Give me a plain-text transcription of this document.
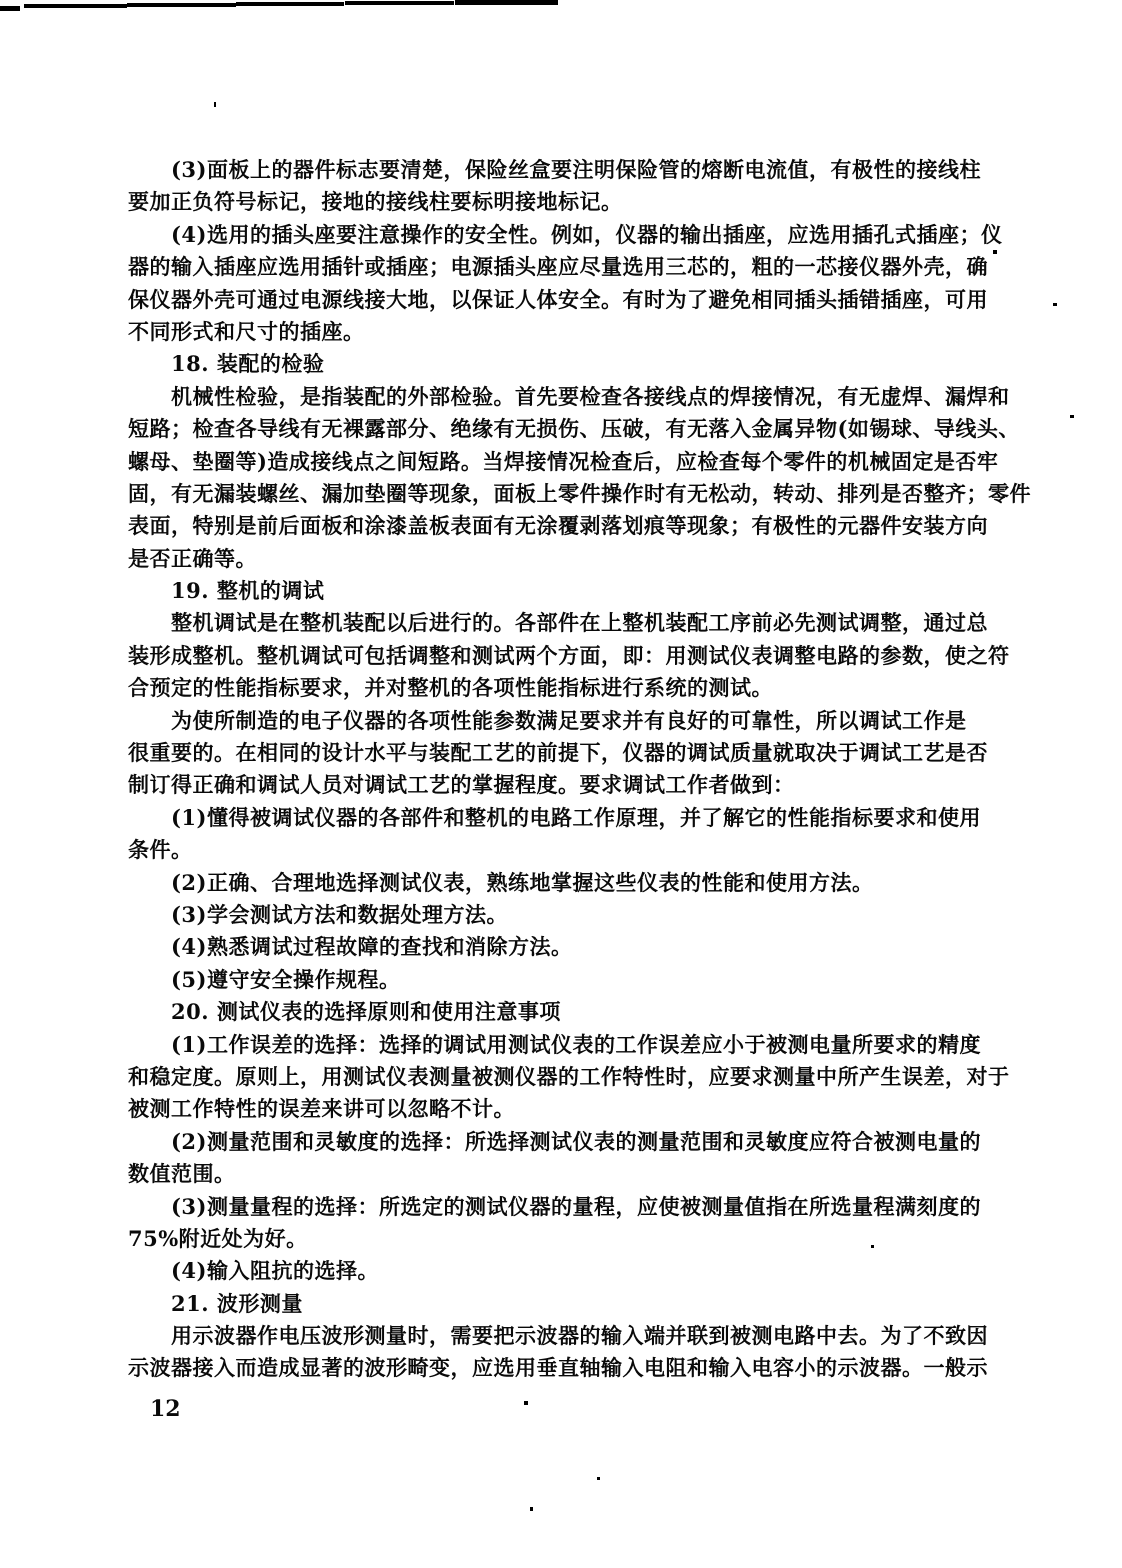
(3)面板上的器件标志要清楚，保险丝盒要注明保险管的熔断电流值，有极性的接线柱
要加正负符号标记，接地的接线柱要标明接地标记。
(4)选用的插头座要注意操作的安全性。例如，仪器的输出插座，应选用插孔式插座；仪
器的输入插座应选用插针或插座；电源插头座应尽量选用三芯的，粗的一芯接仪器外壳，确
保仪器外壳可通过电源线接大地，以保证人体安全。有时为了避免相同插头插错插座，可用
不同形式和尺寸的插座。
18. 装配的检验
机械性检验，是指装配的外部检验。首先要检查各接线点的焊接情况，有无虚焊、漏焊和
短路；检查各导线有无裸露部分、绝缘有无损伤、压破，有无落入金属异物(如锡球、导线头、
螺母、垫圈等)造成接线点之间短路。当焊接情况检查后，应检查每个零件的机械固定是否牢
固，有无漏装螺丝、漏加垫圈等现象，面板上零件操作时有无松动，转动、排列是否整齐；零件
表面，特别是前后面板和涂漆盖板表面有无涂覆剥落划痕等现象；有极性的元器件安装方向
是否正确等。
19. 整机的调试
整机调试是在整机装配以后进行的。各部件在上整机装配工序前必先测试调整，通过总
装形成整机。整机调试可包括调整和测试两个方面，即：用测试仪表调整电路的参数，使之符
合预定的性能指标要求，并对整机的各项性能指标进行系统的测试。
为使所制造的电子仪器的各项性能参数满足要求并有良好的可靠性，所以调试工作是
很重要的。在相同的设计水平与装配工艺的前提下，仪器的调试质量就取决于调试工艺是否
制订得正确和调试人员对调试工艺的掌握程度。要求调试工作者做到：
(1)懂得被调试仪器的各部件和整机的电路工作原理，并了解它的性能指标要求和使用
条件。
(2)正确、合理地选择测试仪表，熟练地掌握这些仪表的性能和使用方法。
(3)学会测试方法和数据处理方法。
(4)熟悉调试过程故障的查找和消除方法。
(5)遵守安全操作规程。
20. 测试仪表的选择原则和使用注意事项
(1)工作误差的选择：选择的调试用测试仪表的工作误差应小于被测电量所要求的精度
和稳定度。原则上，用测试仪表测量被测仪器的工作特性时，应要求测量中所产生误差，对于
被测工作特性的误差来讲可以忽略不计。
(2)测量范围和灵敏度的选择：所选择测试仪表的测量范围和灵敏度应符合被测电量的
数值范围。
(3)测量量程的选择：所选定的测试仪器的量程，应使被测量值指在所选量程满刻度的
75%附近处为好。
(4)输入阻抗的选择。
21. 波形测量
用示波器作电压波形测量时，需要把示波器的输入端并联到被测电路中去。为了不致因
示波器接入而造成显著的波形畸变，应选用垂直轴输入电阻和输入电容小的示波器。一般示
12
